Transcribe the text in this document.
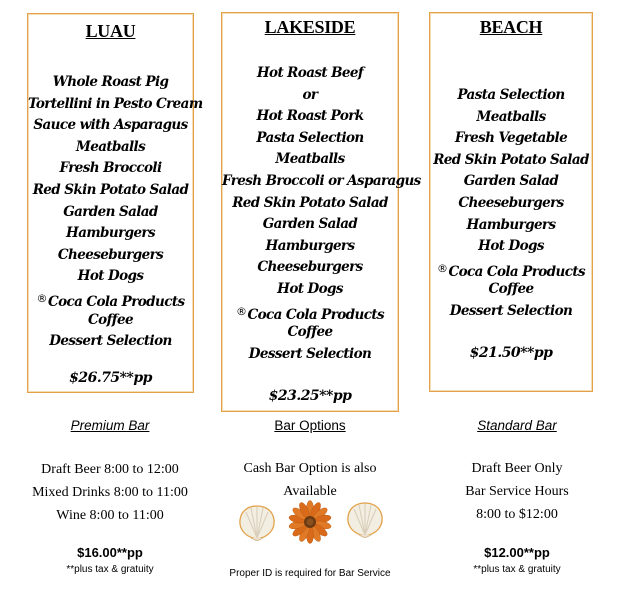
LUAU
Whole Roast Pig
Tortellini in Pesto Cream
Sauce with Asparagus
Meatballs
Fresh Broccoli
Red Skin Potato Salad
Garden Salad
Hamburgers
Cheeseburgers
Hot Dogs
®Coca Cola Products
Coffee
Dessert Selection
$26.75**pp
LAKESIDE
Hot Roast Beef
or
Hot Roast Pork
Pasta Selection
Meatballs
Fresh Broccoli or Asparagus
Red Skin Potato Salad
Garden Salad
Hamburgers
Cheeseburgers
Hot Dogs
®Coca Cola Products
Coffee
Dessert Selection
$23.25**pp
BEACH
Pasta Selection
Meatballs
Fresh Vegetable
Red Skin Potato Salad
Garden Salad
Cheeseburgers
Hamburgers
Hot Dogs
®Coca Cola Products
Coffee
Dessert Selection
$21.50**pp
Premium Bar
Draft Beer 8:00 to 12:00
Mixed Drinks 8:00 to 11:00
Wine 8:00 to 11:00
$16.00**pp
**plus tax & gratuity
Bar Options
Cash Bar Option is also
Available
Proper ID is required for Bar Service
Standard Bar
Draft Beer Only
Bar Service Hours
8:00 to $12:00
$12.00**pp
**plus tax & gratuity
